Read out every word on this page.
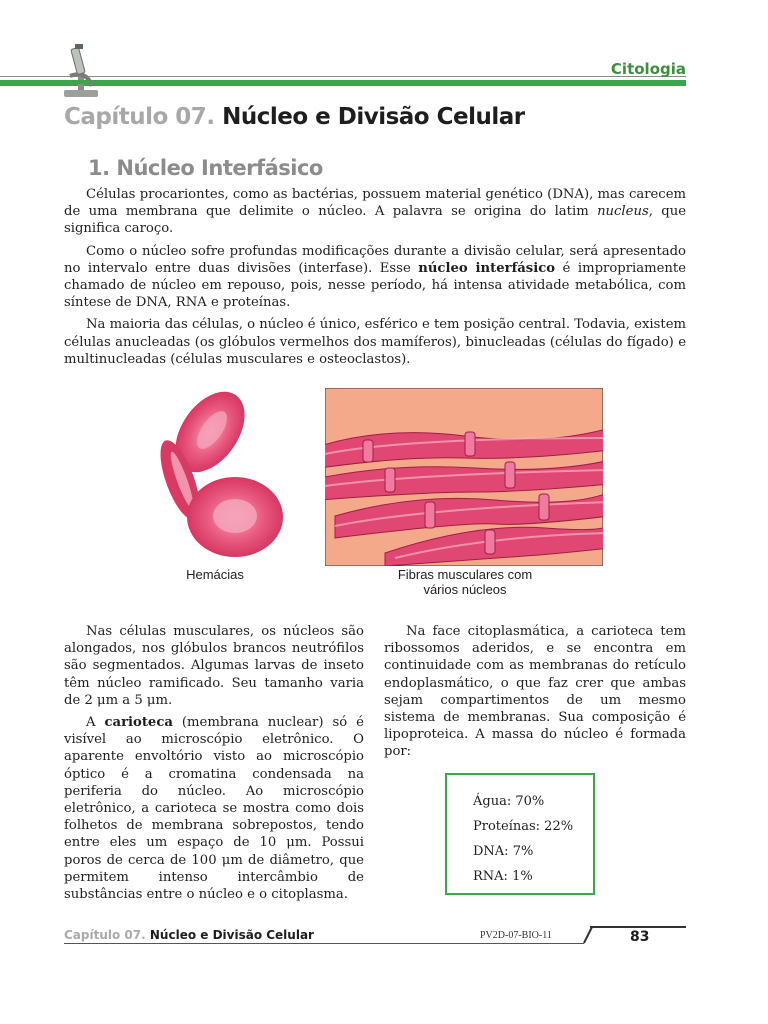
Citologia
Capítulo 07. Núcleo e Divisão Celular
1. Núcleo Interfásico

Células procariontes, como as bactérias, possuem material genético (DNA), mas carecem de uma membrana que delimite o núcleo. A palavra se origina do latim nucleus, que significa caroço.

Como o núcleo sofre profundas modificações durante a divisão celular, será apresentado no intervalo entre duas divisões (interfase). Esse núcleo interfásico é impropriamente chamado de núcleo em repouso, pois, nesse período, há intensa atividade metabólica, com síntese de DNA, RNA e proteínas.

Na maioria das células, o núcleo é único, esférico e tem posição central. Todavia, existem células anucleadas (os glóbulos vermelhos dos mamíferos), binucleadas (células do fígado) e multinucleadas (células musculares e osteoclastos).

Hemácias	Fibras musculares com
vários núcleos

Nas células musculares, os núcleos são alongados, nos glóbulos brancos neutrófilos são segmentados. Algumas larvas de inseto têm núcleo ramificado. Seu tamanho varia de 2 μm a 5 μm.

A carioteca (membrana nuclear) só é visível ao microscópio eletrônico. O aparente envoltório visto ao microscópio óptico é a cromatina condensada na periferia do núcleo. Ao microscópio eletrônico, a carioteca se mostra como dois folhetos de membrana sobrepostos, tendo entre eles um espaço de 10 μm. Possui poros de cerca de 100 μm de diâmetro, que permitem intenso intercâmbio de substâncias entre o núcleo e o citoplasma.

Na face citoplasmática, a carioteca tem ribossomos aderidos, e se encontra em continuidade com as membranas do retículo endoplasmático, o que faz crer que ambas sejam compartimentos de um mesmo sistema de membranas. Sua composição é lipoproteica. A massa do núcleo é formada por:

Água: 70%
Proteínas: 22%
DNA: 7%
RNA: 1%
Capítulo 07. Núcleo e Divisão Celular	PV2D-07-BIO-11	83
